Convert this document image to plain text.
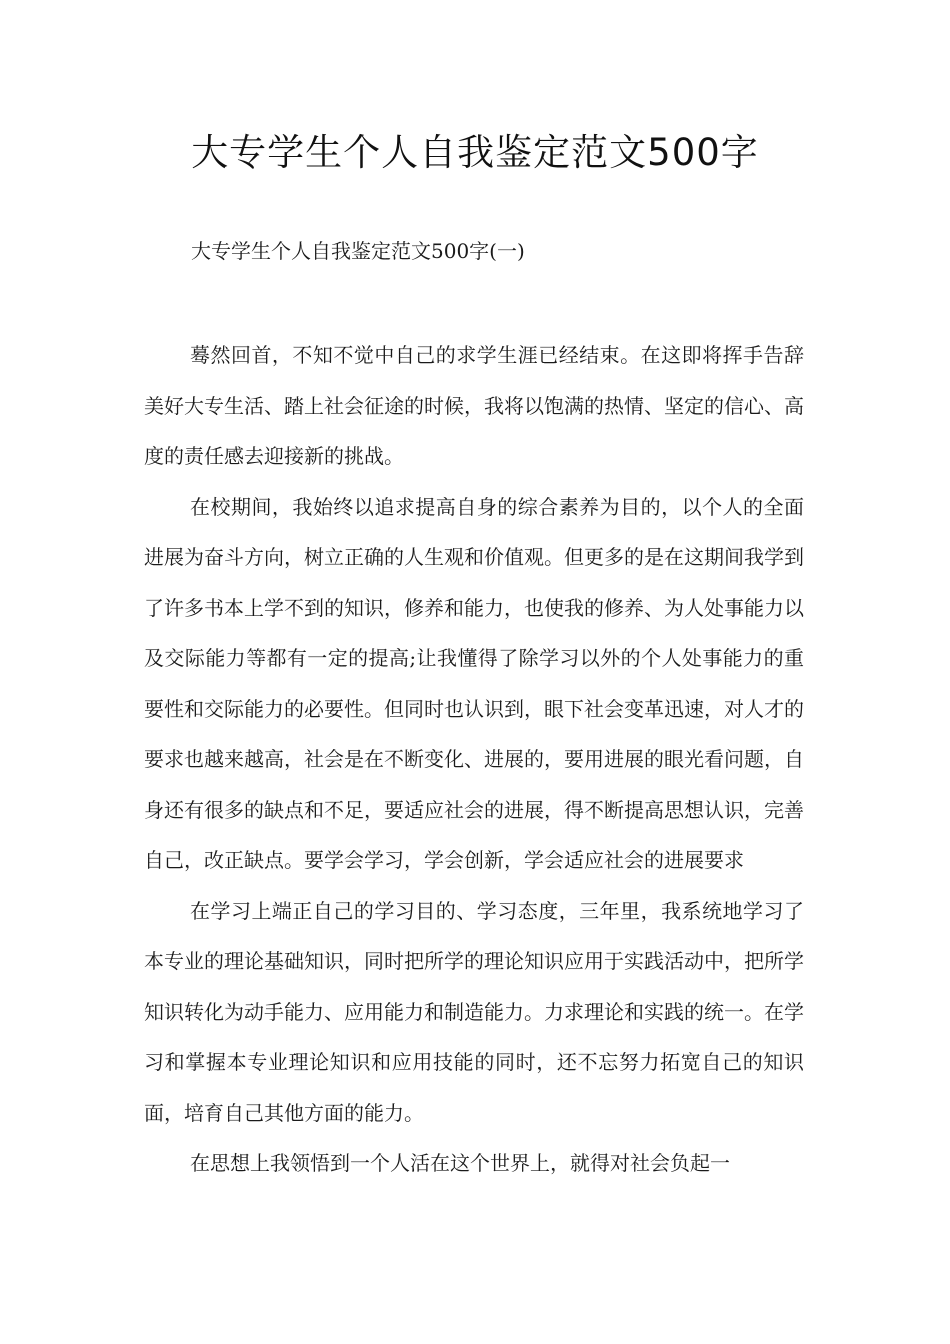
大专学生个人自我鉴定范文500字
大专学生个人自我鉴定范文500字(一)

蓦然回首，不知不觉中自己的求学生涯已经结束。在这即将挥手告辞美好大专生活、踏上社会征途的时候，我将以饱满的热情、坚定的信心、高度的责任感去迎接新的挑战。

在校期间，我始终以追求提高自身的综合素养为目的，以个人的全面进展为奋斗方向，树立正确的人生观和价值观。但更多的是在这期间我学到了许多书本上学不到的知识，修养和能力，也使我的修养、为人处事能力以及交际能力等都有一定的提高;让我懂得了除学习以外的个人处事能力的重要性和交际能力的必要性。但同时也认识到，眼下社会变革迅速，对人才的要求也越来越高，社会是在不断变化、进展的，要用进展的眼光看问题，自身还有很多的缺点和不足，要适应社会的进展，得不断提高思想认识，完善自己，改正缺点。要学会学习，学会创新，学会适应社会的进展要求

在学习上端正自己的学习目的、学习态度，三年里，我系统地学习了本专业的理论基础知识，同时把所学的理论知识应用于实践活动中，把所学知识转化为动手能力、应用能力和制造能力。力求理论和实践的统一。在学习和掌握本专业理论知识和应用技能的同时，还不忘努力拓宽自己的知识面，培育自己其他方面的能力。

在思想上我领悟到一个人活在这个世界上，就得对社会负起一
